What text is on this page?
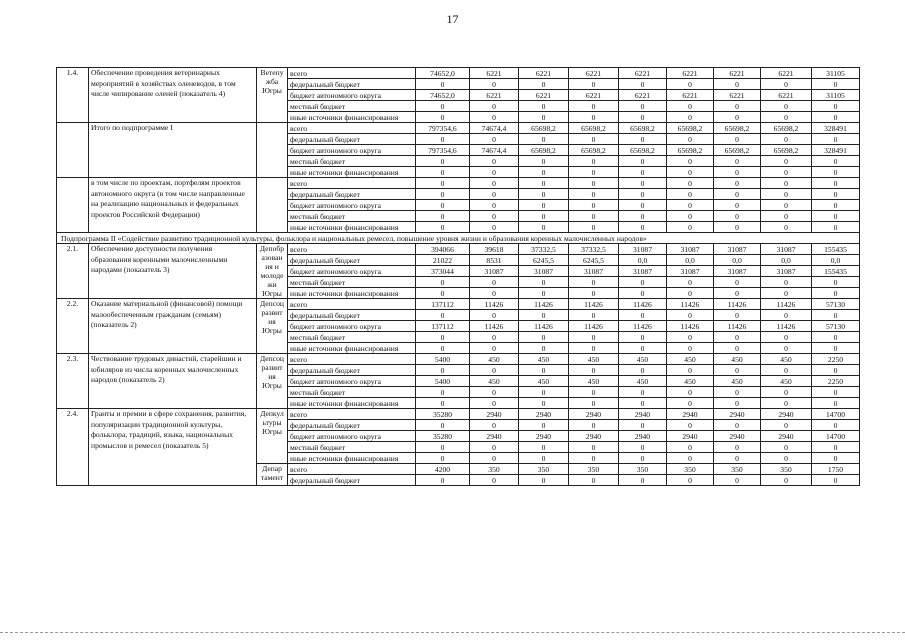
17
1.4.	Обеспечение проведения ветеринарных мероприятий в хозяйствах оленеводов, в том числе чипирование оленей (показатель 4)	Ветепу жба Югры	всего	74652,0	6221	6221	6221	6221	6221	6221	6221	31105
			федеральный бюджет	0	0	0	0	0	0	0	0	0
			бюджет автономного округа	74652,0	6221	6221	6221	6221	6221	6221	6221	31105
			местный бюджет	0	0	0	0	0	0	0	0	0
			иные источники финансирования	0	0	0	0	0	0	0	0	0
	Итого по подпрограмме I		всего	797354,6	74674,4	65698,2	65698,2	65698,2	65698,2	65698,2	65698,2	328491
			федеральный бюджет	0	0	0	0	0	0	0	0	0
			бюджет автономного округа	797354,6	74674,4	65698,2	65698,2	65698,2	65698,2	65698,2	65698,2	328491
			местный бюджет	0	0	0	0	0	0	0	0	0
			иные источники финансирования	0	0	0	0	0	0	0	0	0
	в том числе по проектам, портфелям проектов автономного округа (в том числе направленные на реализацию национальных и федеральных проектов Российской Федерации)		всего	0	0	0	0	0	0	0	0	0
			федеральный бюджет	0	0	0	0	0	0	0	0	0
			бюджет автономного округа	0	0	0	0	0	0	0	0	0
			местный бюджет	0	0	0	0	0	0	0	0	0
			иные источники финансирования	0	0	0	0	0	0	0	0	0
Подпрограмма II «Содействие развитию традиционной культуры, фольклора и национальных ремесел, повышение уровня жизни и образования коренных малочисленных народов»												
2.1.	Обеспечение доступности получения образования коренными малочисленными народами (показатель 3)	Депобр азован ия и молоде жи Югры	всего	394066	39618	37332,5	37332,5	31087	31087	31087	31087	155435
			федеральный бюджет	21022	8531	6245,5	6245,5	0,0	0,0	0,0	0,0	0,0
			бюджет автономного округа	373044	31087	31087	31087	31087	31087	31087	31087	155435
			местный бюджет	0	0	0	0	0	0	0	0	0
			иные источники финансирования	0	0	0	0	0	0	0	0	0
2.2.	Оказание материальной (финансовой) помощи малообеспеченным гражданам (семьям) (показатель 2)	Депсоц развит ия Югры	всего	137112	11426	11426	11426	11426	11426	11426	11426	57130
			федеральный бюджет	0	0	0	0	0	0	0	0	0
			бюджет автономного округа	137112	11426	11426	11426	11426	11426	11426	11426	57130
			местный бюджет	0	0	0	0	0	0	0	0	0
			иные источники финансирования	0	0	0	0	0	0	0	0	0
2.3.	Чествование трудовых династий, старейшин и юбиляров из числа коренных малочисленных народов (показатель 2)	Депсоц развит ия Югры	всего	5400	450	450	450	450	450	450	450	2250
			федеральный бюджет	0	0	0	0	0	0	0	0	0
			бюджет автономного округа	5400	450	450	450	450	450	450	450	2250
			местный бюджет	0	0	0	0	0	0	0	0	0
			иные источники финансирования	0	0	0	0	0	0	0	0	0
2.4.	Гранты и премии в сфере сохранения, развития, популяризации традиционной культуры, фольклора, традиций, языка, национальных промыслов и ремесел (показатель 5)	Депкул ьтуры Югры	всего	35280	2940	2940	2940	2940	2940	2940	2940	14700
			федеральный бюджет	0	0	0	0	0	0	0	0	0
			бюджет автономного округа	35280	2940	2940	2940	2940	2940	2940	2940	14700
			местный бюджет	0	0	0	0	0	0	0	0	0
			иные источники финансирования	0	0	0	0	0	0	0	0	0
		Депар тамент	всего	4200	350	350	350	350	350	350	350	1750
			федеральный бюджет	0	0	0	0	0	0	0	0	0
